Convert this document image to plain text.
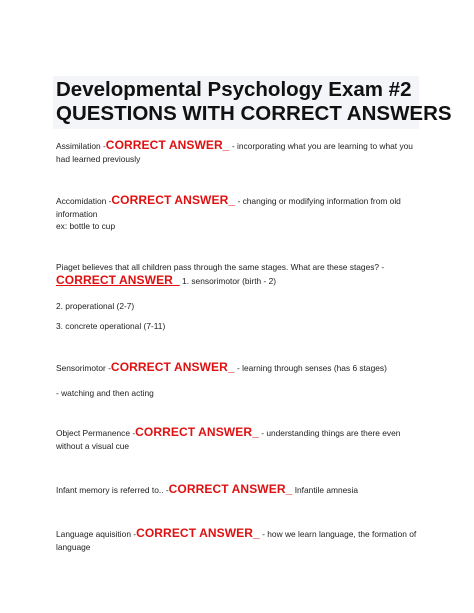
Developmental Psychology Exam #2
QUESTIONS WITH CORRECT ANSWERS
Assimilation -CORRECT ANSWER_ - incorporating what you are learning to what you had learned previously
Accomidation -CORRECT ANSWER_ - changing or modifying information from old information
ex: bottle to cup
Piaget believes that all children pass through the same stages. What are these stages? -CORRECT ANSWER_ 1. sensorimotor (birth - 2)
2. properational (2-7)
3. concrete operational (7-11)
Sensorimotor -CORRECT ANSWER_ - learning through senses (has 6 stages)
- watching and then acting
Object Permanence -CORRECT ANSWER_ - understanding things are there even without a visual cue
Infant memory is referred to.. -CORRECT ANSWER_ Infantile amnesia
Language aquisition -CORRECT ANSWER_ - how we learn language, the formation of language
